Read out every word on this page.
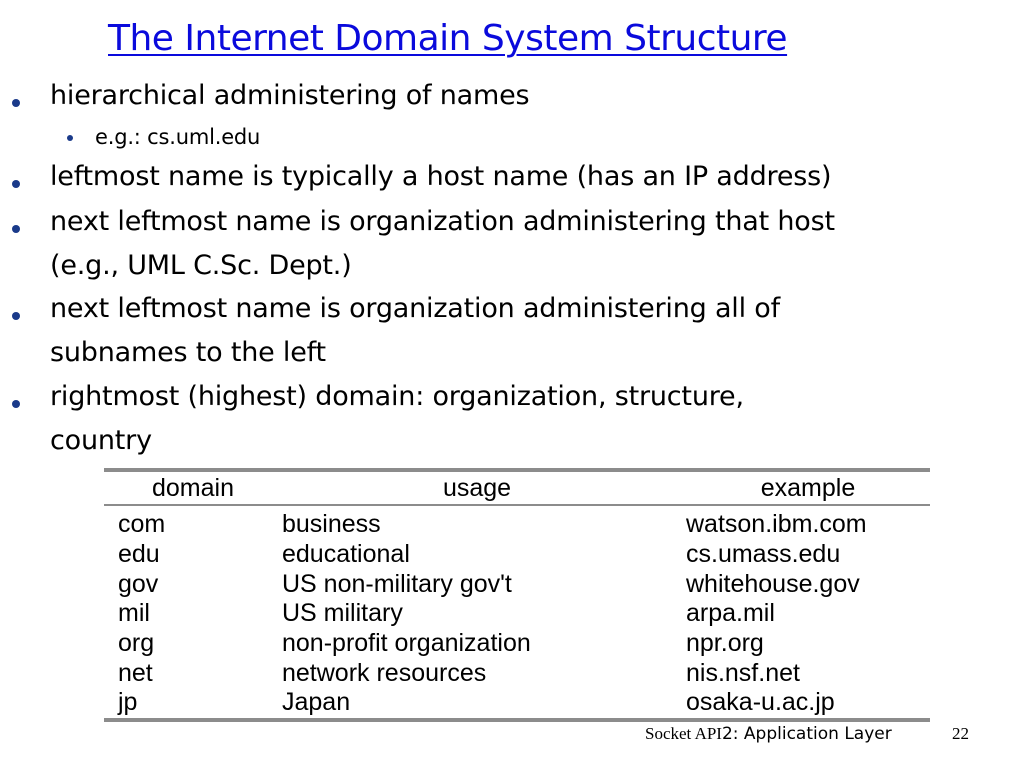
The Internet Domain System Structure
hierarchical administering of names
e.g.: cs.uml.edu
leftmost name is typically a host name (has an IP address)
next leftmost name is organization administering that host
(e.g., UML C.Sc. Dept.)
next leftmost name is organization administering all of
subnames to the left
rightmost (highest) domain: organization, structure,
country
domain	usage	example
com	business	watson.ibm.com
edu	educational	cs.umass.edu
gov	US non-military gov't	whitehouse.gov
mil	US military	arpa.mil
org	non-profit organization	npr.org
net	network resources	nis.nsf.net
jp	Japan	osaka-u.ac.jp
Socket API2: Application Layer	22
